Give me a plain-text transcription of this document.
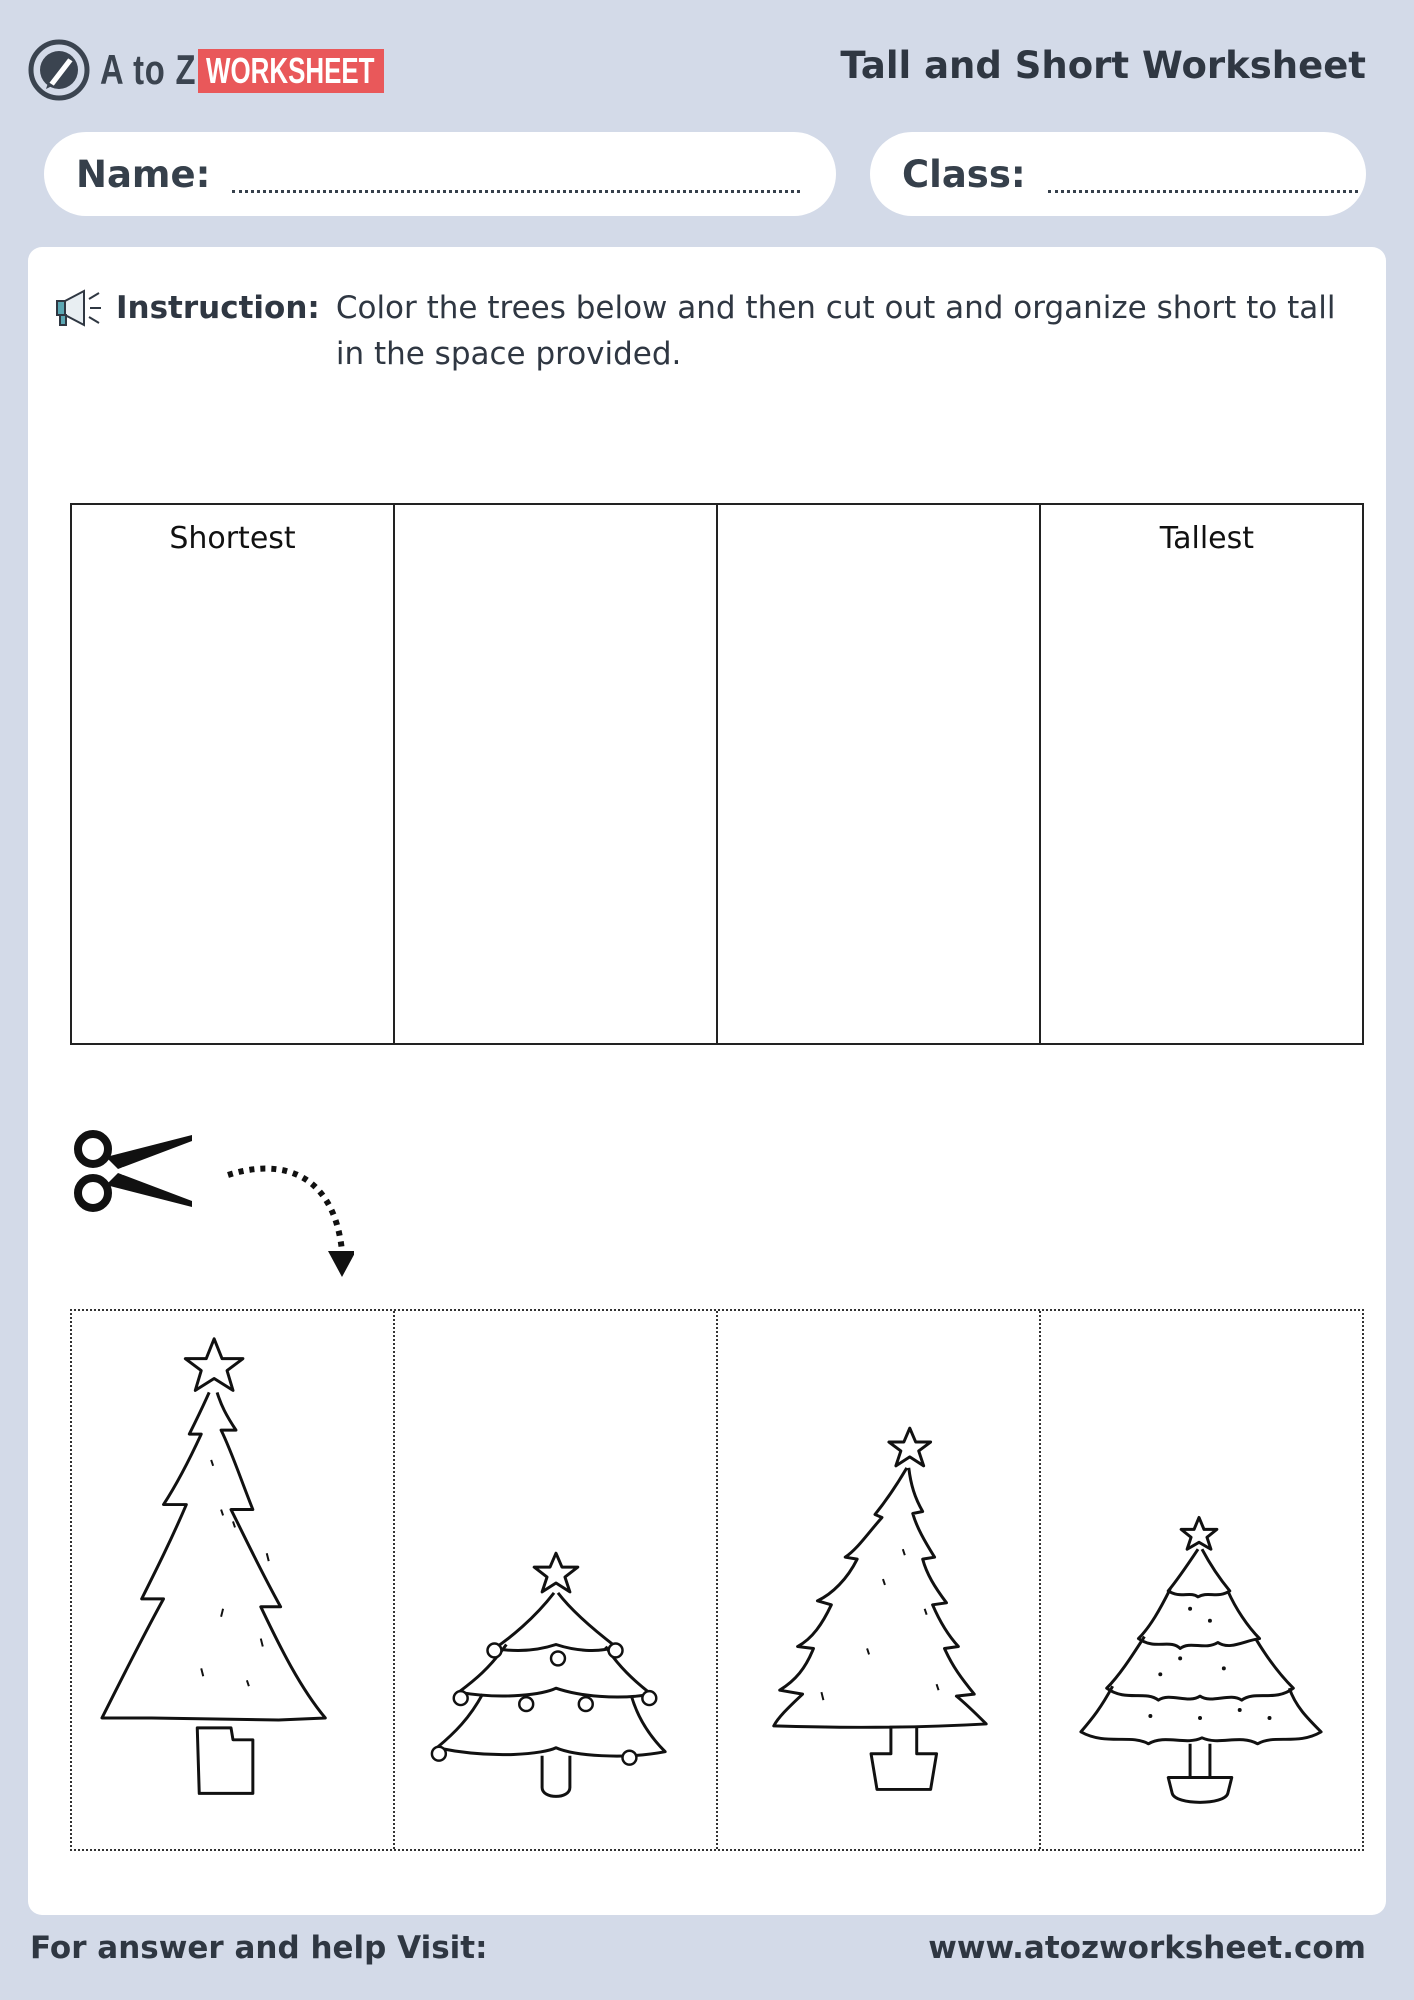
A to Z WORKSHEET	Tall and Short Worksheet
Name:	Class:
Instruction: Color the trees below and then cut out and organize short to tall in the space provided.
Shortest	Tallest
For answer and help Visit:	www.atozworksheet.com
